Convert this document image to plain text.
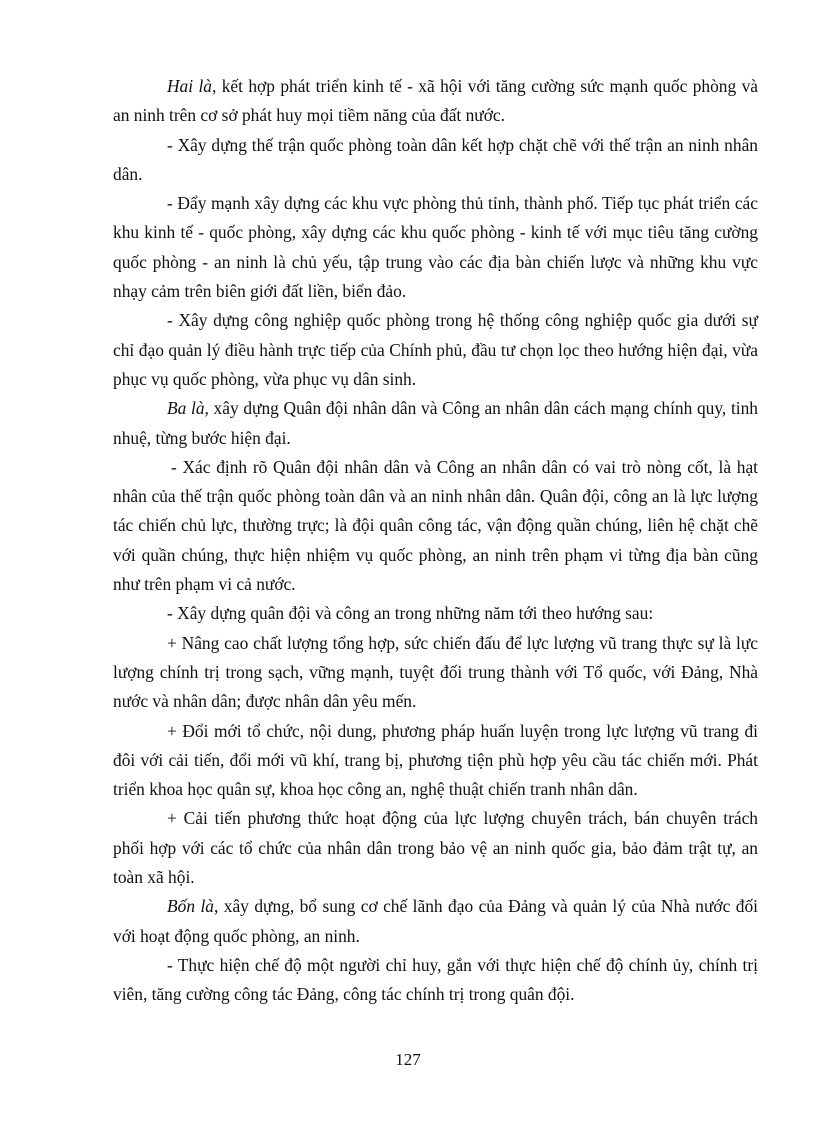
Hai là, kết hợp phát triển kinh tế - xã hội với tăng cường sức mạnh quốc phòng và an ninh trên cơ sở phát huy mọi tiềm năng của đất nước.

- Xây dựng thế trận quốc phòng toàn dân kết hợp chặt chẽ với thế trận an ninh nhân dân.

- Đẩy mạnh xây dựng các khu vực phòng thủ tỉnh, thành phố. Tiếp tục phát triển các khu kinh tế - quốc phòng, xây dựng các khu quốc phòng - kinh tế với mục tiêu tăng cường quốc phòng - an ninh là chủ yếu, tập trung vào các địa bàn chiến lược và những khu vực nhạy cảm trên biên giới đất liền, biển đảo.

- Xây dựng công nghiệp quốc phòng trong hệ thống công nghiệp quốc gia dưới sự chỉ đạo quản lý điều hành trực tiếp của Chính phủ, đầu tư chọn lọc theo hướng hiện đại, vừa phục vụ quốc phòng, vừa phục vụ dân sinh.

Ba là, xây dựng Quân đội nhân dân và Công an nhân dân cách mạng chính quy, tinh nhuệ, từng bước hiện đại.

- Xác định rõ Quân đội nhân dân và Công an nhân dân có vai trò nòng cốt, là hạt nhân của thế trận quốc phòng toàn dân và an ninh nhân dân. Quân đội, công an là lực lượng tác chiến chủ lực, thường trực; là đội quân công tác, vận động quần chúng, liên hệ chặt chẽ với quần chúng, thực hiện nhiệm vụ quốc phòng, an ninh trên phạm vi từng địa bàn cũng như trên phạm vi cả nước.

- Xây dựng quân đội và công an trong những năm tới theo hướng sau:

+ Nâng cao chất lượng tổng hợp, sức chiến đấu để lực lượng vũ trang thực sự là lực lượng chính trị trong sạch, vững mạnh, tuyệt đối trung thành với Tổ quốc, với Đảng, Nhà nước và nhân dân; được nhân dân yêu mến.

+ Đổi mới tổ chức, nội dung, phương pháp huấn luyện trong lực lượng vũ trang đi đôi với cải tiến, đổi mới vũ khí, trang bị, phương tiện phù hợp yêu cầu tác chiến mới. Phát triển khoa học quân sự, khoa học công an, nghệ thuật chiến tranh nhân dân.

+ Cải tiến phương thức hoạt động của lực lượng chuyên trách, bán chuyên trách phối hợp với các tổ chức của nhân dân trong bảo vệ an ninh quốc gia, bảo đảm trật tự, an toàn xã hội.

Bốn là, xây dựng, bổ sung cơ chế lãnh đạo của Đảng và quản lý của Nhà nước đối với hoạt động quốc phòng, an ninh.

- Thực hiện chế độ một người chỉ huy, gắn với thực hiện chế độ chính ủy, chính trị viên, tăng cường công tác Đảng, công tác chính trị trong quân đội.

127
